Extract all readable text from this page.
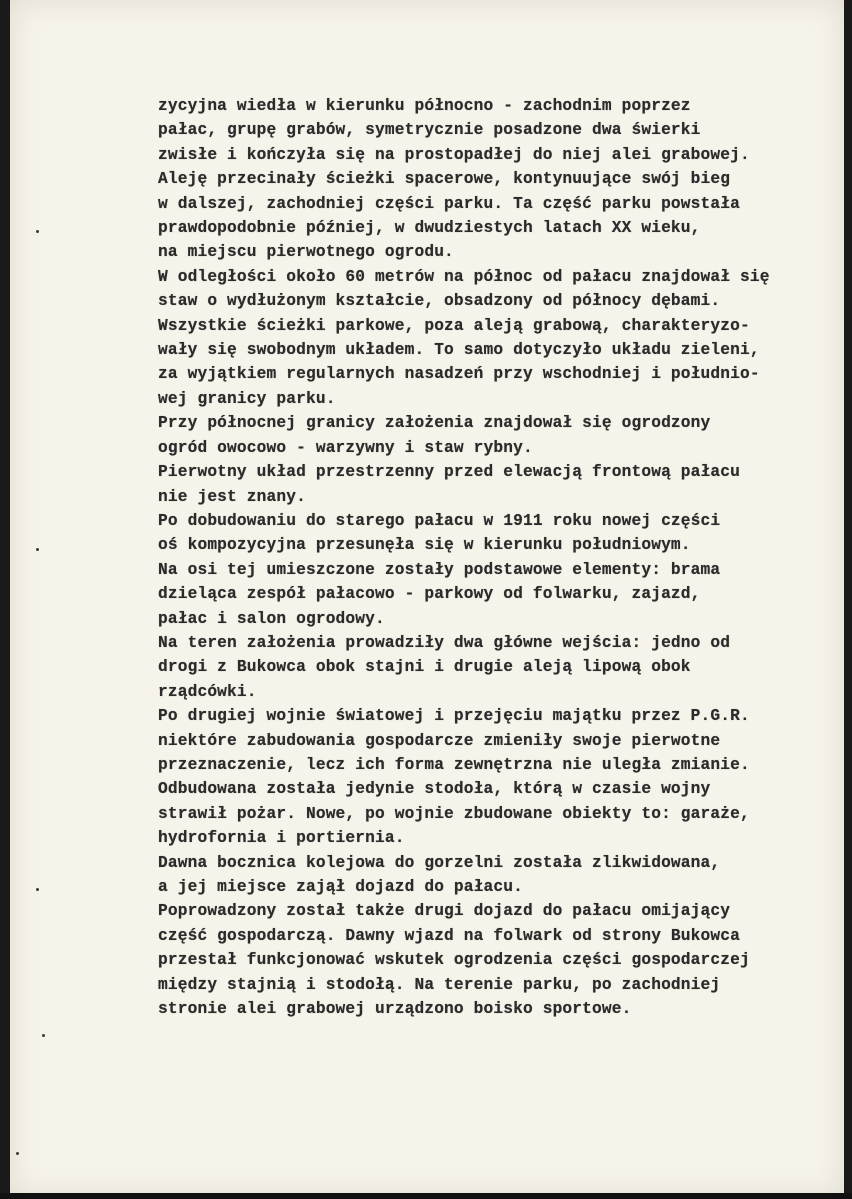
zycyjna wiedła w kierunku północno - zachodnim poprzez
pałac, grupę grabów, symetrycznie posadzone dwa świerki
zwisłe i kończyła się na prostopadłej do niej alei grabowej.
Aleję przecinały ścieżki spacerowe, kontynuujące swój bieg
w dalszej, zachodniej części parku. Ta część parku powstała
prawdopodobnie później, w dwudziestych latach XX wieku,
na miejscu pierwotnego ogrodu.
W odległości około 60 metrów na północ od pałacu znajdował się
staw o wydłużonym kształcie, obsadzony od północy dębami.
Wszystkie ścieżki parkowe, poza aleją grabową, charakteryzo-
wały się swobodnym układem. To samo dotyczyło układu zieleni,
za wyjątkiem regularnych nasadzeń przy wschodniej i południo-
wej granicy parku.
Przy północnej granicy założenia znajdował się ogrodzony
ogród owocowo - warzywny i staw rybny.
Pierwotny układ przestrzenny przed elewacją frontową pałacu
nie jest znany.
Po dobudowaniu do starego pałacu w 1911 roku nowej części
oś kompozycyjna przesunęła się w kierunku południowym.
Na osi tej umieszczone zostały podstawowe elementy: brama
dzieląca zespół pałacowo - parkowy od folwarku, zajazd,
pałac i salon ogrodowy.
Na teren założenia prowadziły dwa główne wejścia: jedno od
drogi z Bukowca obok stajni i drugie aleją lipową obok
rządcówki.
Po drugiej wojnie światowej i przejęciu majątku przez P.G.R.
niektóre zabudowania gospodarcze zmieniły swoje pierwotne
przeznaczenie, lecz ich forma zewnętrzna nie uległa zmianie.
Odbudowana została jedynie stodoła, którą w czasie wojny
strawił pożar. Nowe, po wojnie zbudowane obiekty to: garaże,
hydrofornia i portiernia.
Dawna bocznica kolejowa do gorzelni została zlikwidowana,
a jej miejsce zajął dojazd do pałacu.
Poprowadzony został także drugi dojazd do pałacu omijający
część gospodarczą. Dawny wjazd na folwark od strony Bukowca
przestał funkcjonować wskutek ogrodzenia części gospodarczej
między stajnią i stodołą. Na terenie parku, po zachodniej
stronie alei grabowej urządzono boisko sportowe.
